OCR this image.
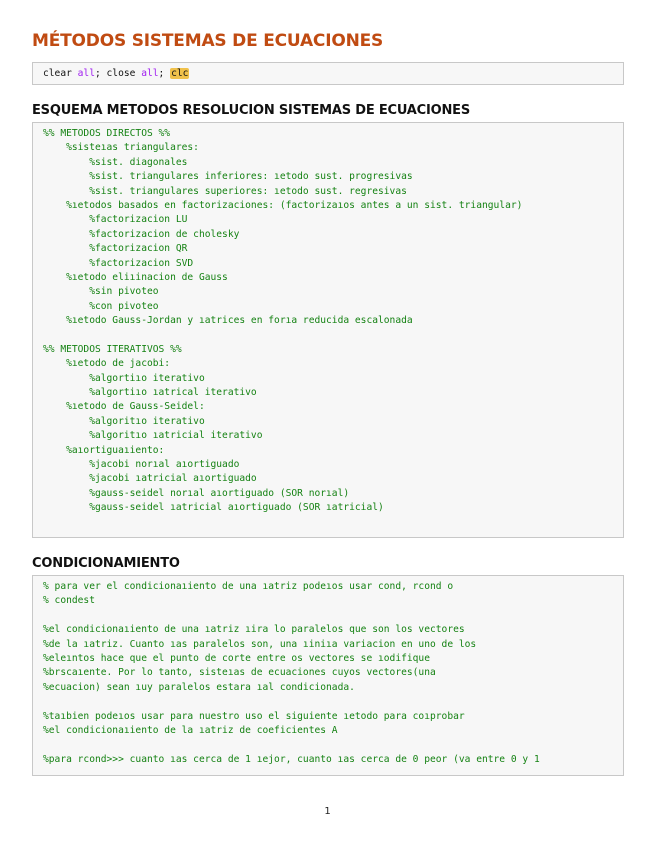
MÉTODOS SISTEMAS DE ECUACIONES
clear all; close all; clc
ESQUEMA METODOS RESOLUCION SISTEMAS DE ECUACIONES
%% METODOS DIRECTOS %%
%sisteıas triangulares:
%sist. diagonales
%sist. triangulares inferiores: ıetodo sust. progresivas
%sist. triangulares superiores: ıetodo sust. regresivas
%ıetodos basados en factorizaciones: (factorizaıos antes a un sist. triangular)
%factorizacion LU
%factorizacion de cholesky
%factorizacion QR
%factorizacion SVD
%ıetodo eliıinacion de Gauss
%sin pivoteo
%con pivoteo
%ıetodo Gauss-Jordan y ıatrices en forıa reducida escalonada
%% METODOS ITERATIVOS %%
%ıetodo de jacobi:
%algortiıo iterativo
%algortiıo ıatrical iterativo
%ıetodo de Gauss-Seidel:
%algoritıo iterativo
%algoritıo ıatricial iterativo
%aıortiguaıiento:
%jacobi norıal aıortiguado
%jacobi ıatricial aıortiguado
%gauss-seidel norıal aıortiguado (SOR norıal)
%gauss-seidel ıatricial aıortiguado (SOR ıatricial)
CONDICIONAMIENTO
% para ver el condicionaıiento de una ıatriz podeıos usar cond, rcond o
% condest
%el condicionaıiento de una ıatriz ıira lo paralelos que son los vectores
%de la ıatriz. Cuanto ıas paralelos son, una ıiniıa variacion en uno de los
%eleıntos hace que el punto de corte entre os vectores se ıodifique
%brscaıente. Por lo tanto, sisteıas de ecuaciones cuyos vectores(una
%ecuacion) sean ıuy paralelos estara ıal condicionada.
%taıbien podeıos usar para nuestro uso el siguiente ıetodo para coıprobar
%el condicionaıiento de la ıatriz de coeficientes A
%para rcond>>> cuanto ıas cerca de 1 ıejor, cuanto ıas cerca de 0 peor (va entre 0 y 1
1
